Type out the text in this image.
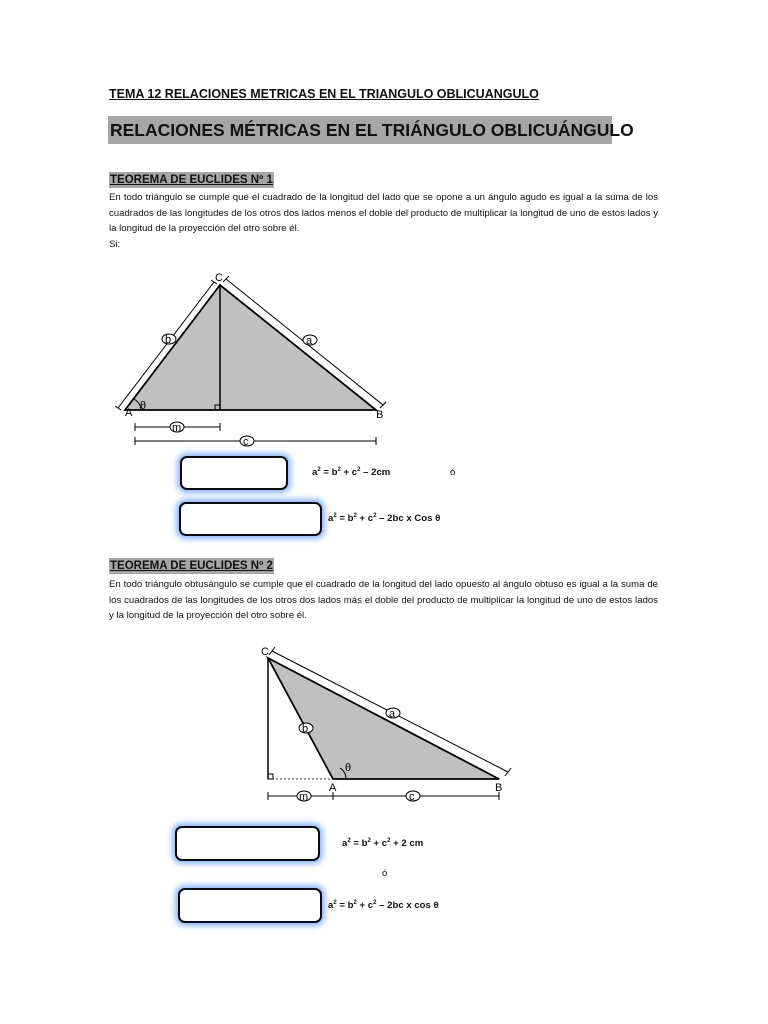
TEMA 12 RELACIONES METRICAS EN EL TRIANGULO OBLICUANGULO
RELACIONES MÉTRICAS EN EL TRIÁNGULO OBLICUÁNGULO
TEOREMA DE EUCLIDES Nº 1
En todo triángulo se cumple que el cuadrado de la longitud del lado que se opone a un ángulo agudo es igual a la suma de los cuadrados de las longitudes de los otros dos lados menos el doble del producto de multiplicar la longitud de uno de estos lados y la longitud de la proyección del otro sobre él.
Si:
b	a
m
c
C
A	B
θ
$a^2 = b^2 + c^2 - 2cm$	ó
$a^2 = b^2 + c^2 - 2bc$ x Cos θ
TEOREMA DE EUCLIDES Nº 2
En todo triángulo obtusángulo se cumple que el cuadrado de la longitud del lado opuesto al ángulo obtuso es igual a la suma de los cuadrados de las longitudes de los otros dos lados más el doble del producto de multiplicar la longitud de uno de estos lados y la longitud de la proyección del otro sobre él.
b
a
m	c
C
A	B
θ
$a^2 = b^2 + c^2 + 2$ cm
ó
$a^2 = b^2 + c^2 - 2bc$ x cos θ
